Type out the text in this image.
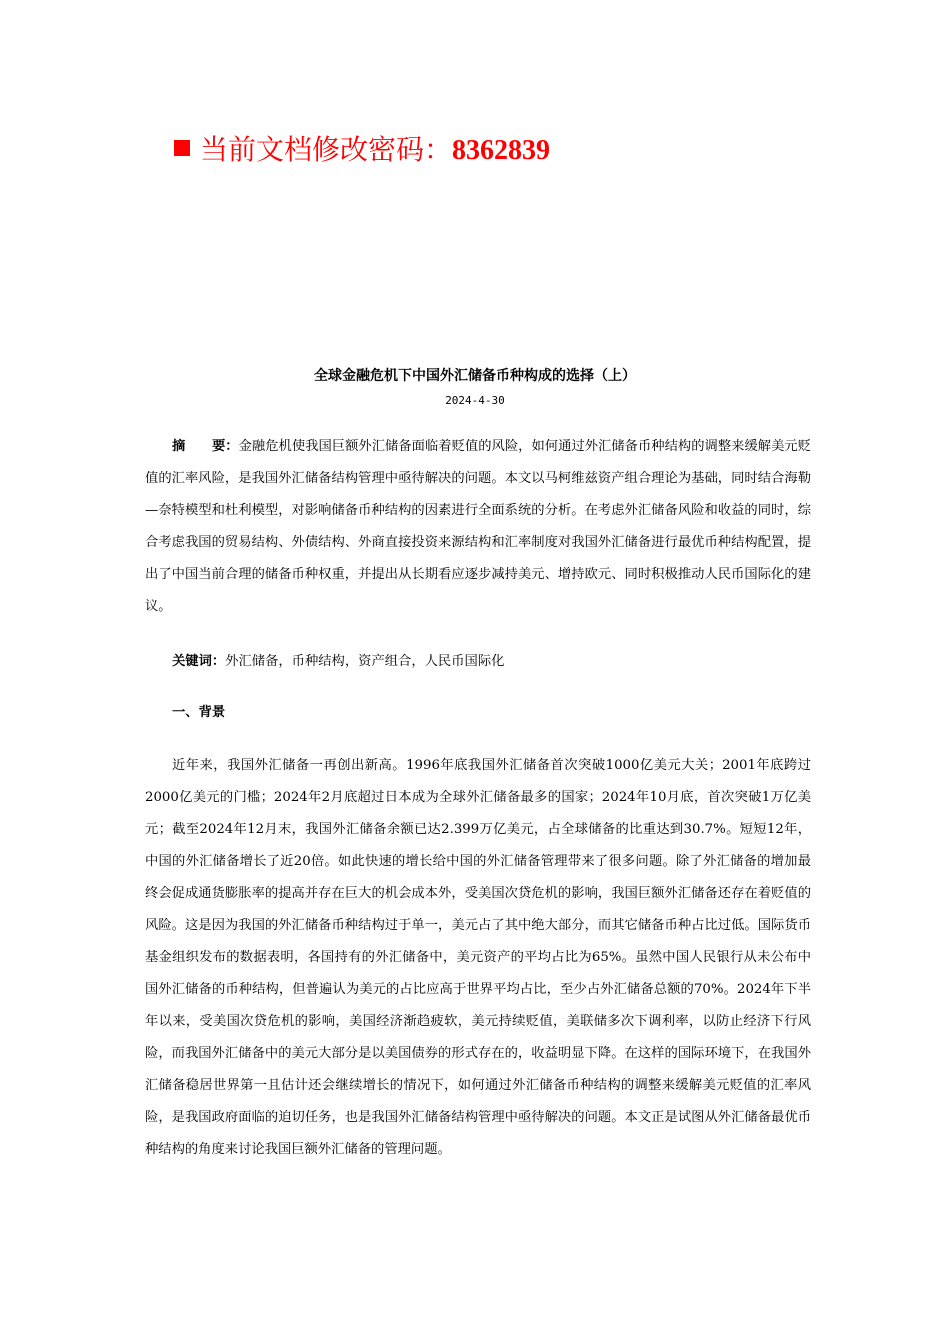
当前文档修改密码：8362839
全球金融危机下中国外汇储备币种构成的选择（上）
2024-4-30

摘　　要：金融危机使我国巨额外汇储备面临着贬值的风险，如何通过外汇储备币种结构的调整来缓解美元贬值的汇率风险，是我国外汇储备结构管理中亟待解决的问题。本文以马柯维兹资产组合理论为基础，同时结合海勒—奈特模型和杜利模型，对影响储备币种结构的因素进行全面系统的分析。在考虑外汇储备风险和收益的同时，综合考虑我国的贸易结构、外债结构、外商直接投资来源结构和汇率制度对我国外汇储备进行最优币种结构配置，提出了中国当前合理的储备币种权重，并提出从长期看应逐步减持美元、增持欧元、同时积极推动人民币国际化的建议。

关键词：外汇储备，币种结构，资产组合，人民币国际化

一、背景

近年来，我国外汇储备一再创出新高。1996年底我国外汇储备首次突破1000亿美元大关；2001年底跨过2000亿美元的门槛；2024年2月底超过日本成为全球外汇储备最多的国家；2024年10月底，首次突破1万亿美元；截至2024年12月末，我国外汇储备余额已达2.399万亿美元，占全球储备的比重达到30.7%。短短12年，中国的外汇储备增长了近20倍。如此快速的增长给中国的外汇储备管理带来了很多问题。除了外汇储备的增加最终会促成通货膨胀率的提高并存在巨大的机会成本外，受美国次贷危机的影响，我国巨额外汇储备还存在着贬值的风险。这是因为我国的外汇储备币种结构过于单一，美元占了其中绝大部分，而其它储备币种占比过低。国际货币基金组织发布的数据表明，各国持有的外汇储备中，美元资产的平均占比为65%。虽然中国人民银行从未公布中国外汇储备的币种结构，但普遍认为美元的占比应高于世界平均占比，至少占外汇储备总额的70%。2024年下半年以来，受美国次贷危机的影响，美国经济渐趋疲软，美元持续贬值，美联储多次下调利率，以防止经济下行风险，而我国外汇储备中的美元大部分是以美国债券的形式存在的，收益明显下降。在这样的国际环境下，在我国外汇储备稳居世界第一且估计还会继续增长的情况下，如何通过外汇储备币种结构的调整来缓解美元贬值的汇率风险，是我国政府面临的迫切任务，也是我国外汇储备结构管理中亟待解决的问题。本文正是试图从外汇储备最优币种结构的角度来讨论我国巨额外汇储备的管理问题。
